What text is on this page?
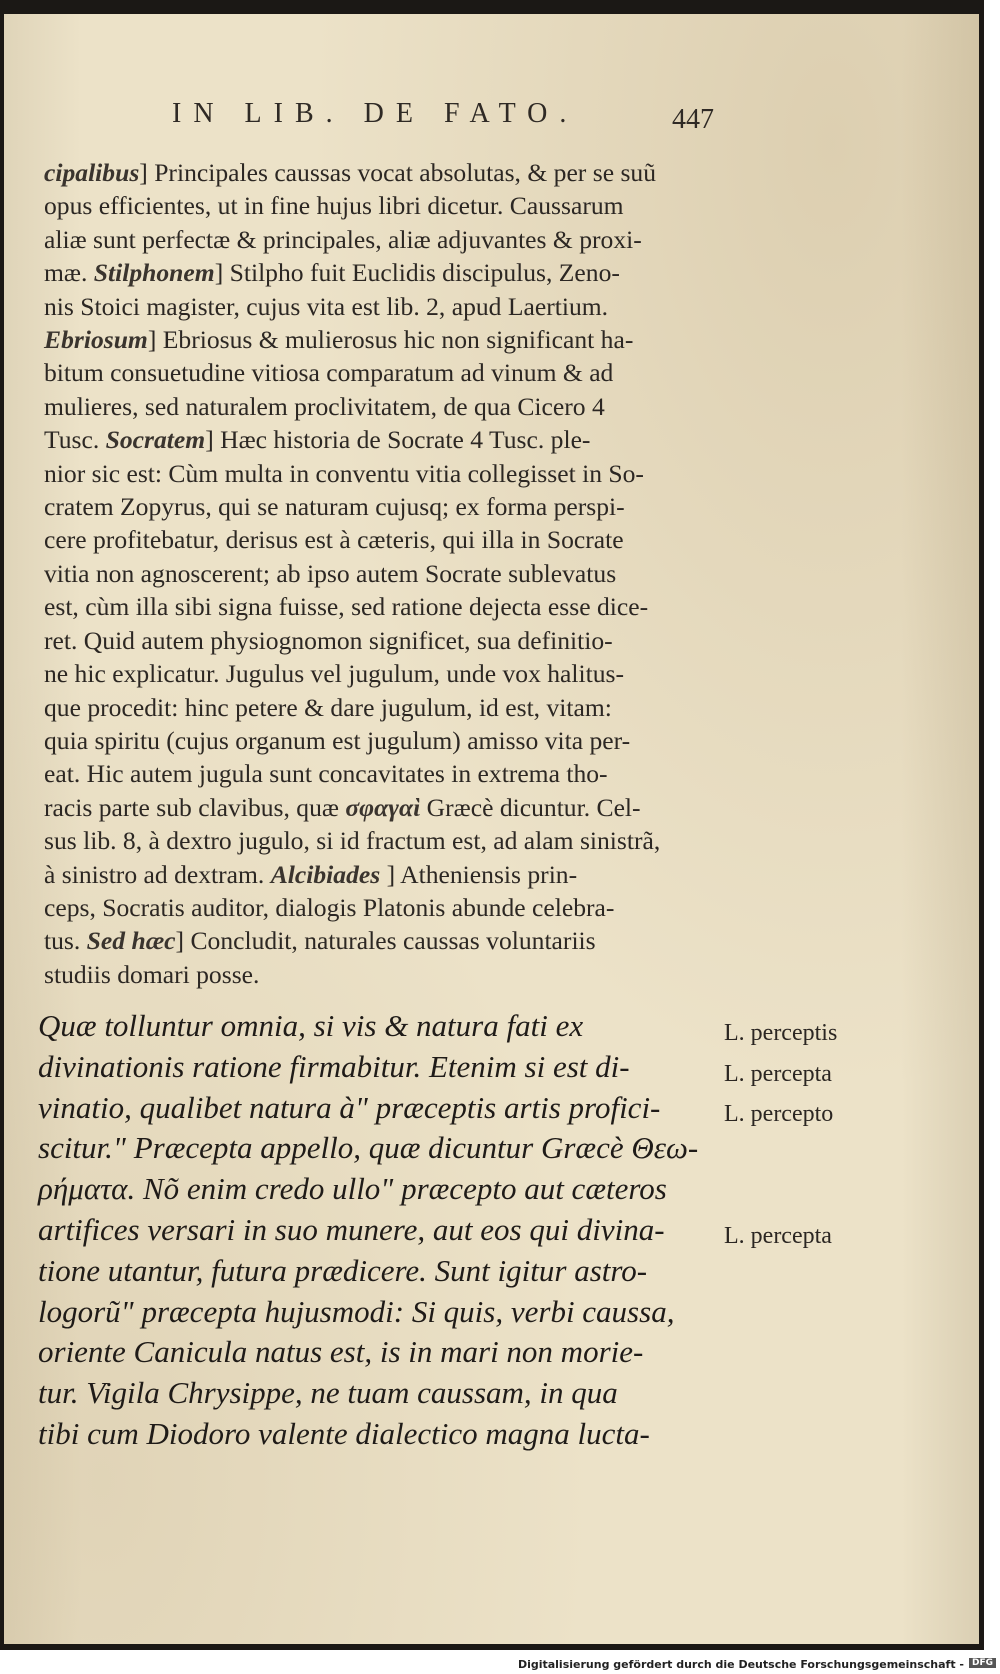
IN LIB. DE FATO.	447
cipalibus] Principales caussas vocat absolutas, & per se suũ
opus efficientes, ut in fine hujus libri dicetur. Caussarum
aliæ sunt perfectæ & principales, aliæ adjuvantes & proxi-
mæ. Stilphonem] Stilpho fuit Euclidis discipulus, Zeno-
nis Stoici magister, cujus vita est lib. 2, apud Laertium.
Ebriosum] Ebriosus & mulierosus hic non significant ha-
bitum consuetudine vitiosa comparatum ad vinum & ad
mulieres, sed naturalem proclivitatem, de qua Cicero 4
Tusc. Socratem] Hæc historia de Socrate 4 Tusc. ple-
nior sic est: Cùm multa in conventu vitia collegisset in So-
cratem Zopyrus, qui se naturam cujusq; ex forma perspi-
cere profitebatur, derisus est à cæteris, qui illa in Socrate
vitia non agnoscerent; ab ipso autem Socrate sublevatus
est, cùm illa sibi signa fuisse, sed ratione dejecta esse dice-
ret. Quid autem physiognomon significet, sua definitio-
ne hic explicatur. Jugulus vel jugulum, unde vox halitus-
que procedit: hinc petere & dare jugulum, id est, vitam:
quia spiritu (cujus organum est jugulum) amisso vita per-
eat. Hic autem jugula sunt concavitates in extrema tho-
racis parte sub clavibus, quæ σφαγαὶ Græcè dicuntur. Cel-
sus lib. 8, à dextro jugulo, si id fractum est, ad alam sinistrã,
à sinistro ad dextram. Alcibiades ] Atheniensis prin-
ceps, Socratis auditor, dialogis Platonis abunde celebra-
tus. Sed hæc] Concludit, naturales caussas voluntariis
studiis domari posse.
Quæ tolluntur omnia, si vis & natura fati ex
divinationis ratione firmabitur. Etenim si est di-
vinatio, qualibet natura à" præceptis artis profici-
scitur." Præcepta appello, quæ dicuntur Græcè Θεω-
ρήματα. Nõ enim credo ullo" præcepto aut cæteros
artifices versari in suo munere, aut eos qui divina-
tione utantur, futura prædicere. Sunt igitur astro-
logorũ" præcepta hujusmodi: Si quis, verbi caussa,
oriente Canicula natus est, is in mari non morie-
tur. Vigila Chrysippe, ne tuam caussam, in qua
tibi cum Diodoro valente dialectico magna lucta-
L. perceptis
L. percepta
L. percepto
L. percepta
Digitalisierung gefördert durch die Deutsche Forschungsgemeinschaft - DFG
